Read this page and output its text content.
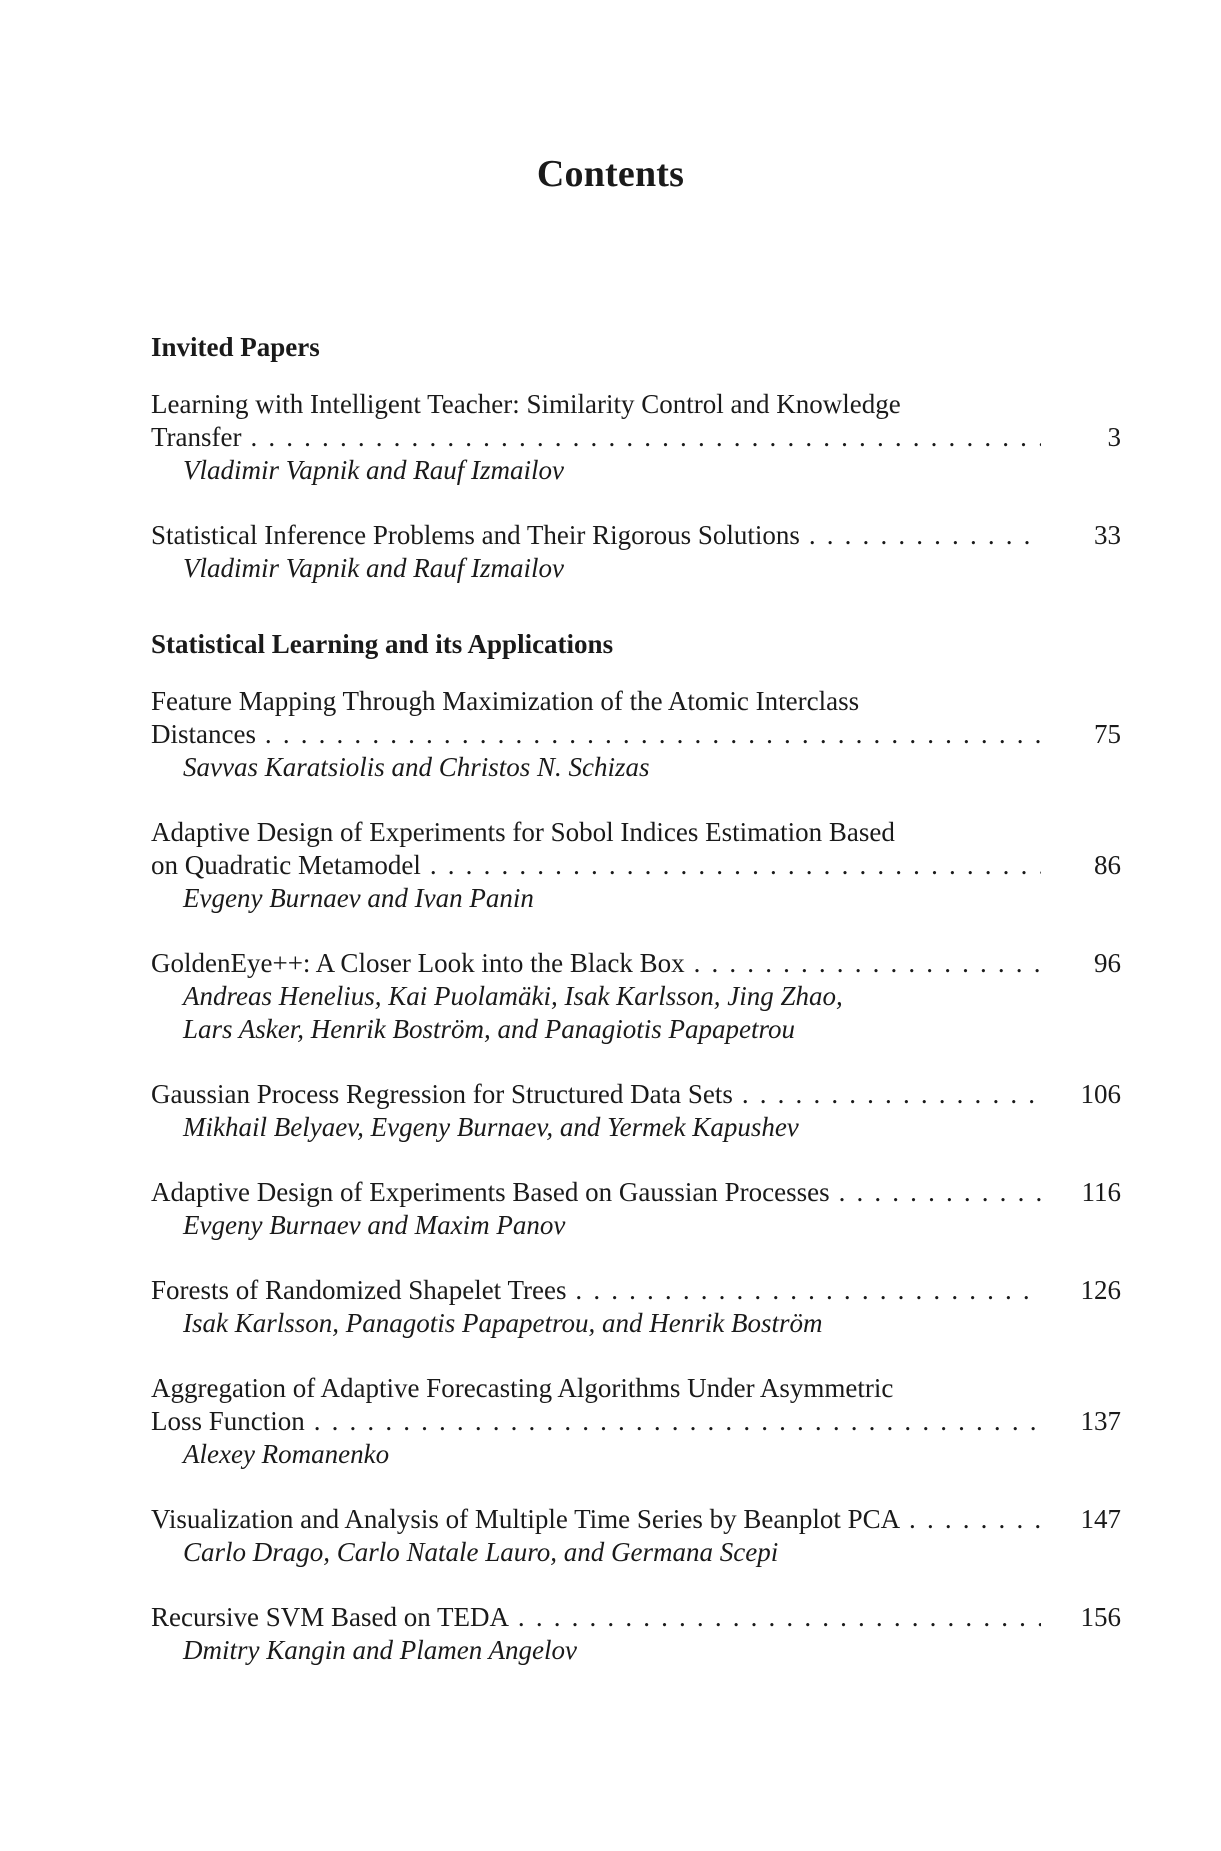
Contents
Invited Papers
Learning with Intelligent Teacher: Similarity Control and Knowledge
Transfer . . .	3
Vladimir Vapnik and Rauf Izmailov
Statistical Inference Problems and Their Rigorous Solutions . . .	33
Vladimir Vapnik and Rauf Izmailov
Statistical Learning and its Applications
Feature Mapping Through Maximization of the Atomic Interclass
Distances . . .	75
Savvas Karatsiolis and Christos N. Schizas
Adaptive Design of Experiments for Sobol Indices Estimation Based
on Quadratic Metamodel . . .	86
Evgeny Burnaev and Ivan Panin
GoldenEye++: A Closer Look into the Black Box . . .	96
Andreas Henelius, Kai Puolamäki, Isak Karlsson, Jing Zhao,
Lars Asker, Henrik Boström, and Panagiotis Papapetrou
Gaussian Process Regression for Structured Data Sets . . .	106
Mikhail Belyaev, Evgeny Burnaev, and Yermek Kapushev
Adaptive Design of Experiments Based on Gaussian Processes . . .	116
Evgeny Burnaev and Maxim Panov
Forests of Randomized Shapelet Trees . . .	126
Isak Karlsson, Panagotis Papapetrou, and Henrik Boström
Aggregation of Adaptive Forecasting Algorithms Under Asymmetric
Loss Function . . .	137
Alexey Romanenko
Visualization and Analysis of Multiple Time Series by Beanplot PCA . . .	147
Carlo Drago, Carlo Natale Lauro, and Germana Scepi
Recursive SVM Based on TEDA . . .	156
Dmitry Kangin and Plamen Angelov
